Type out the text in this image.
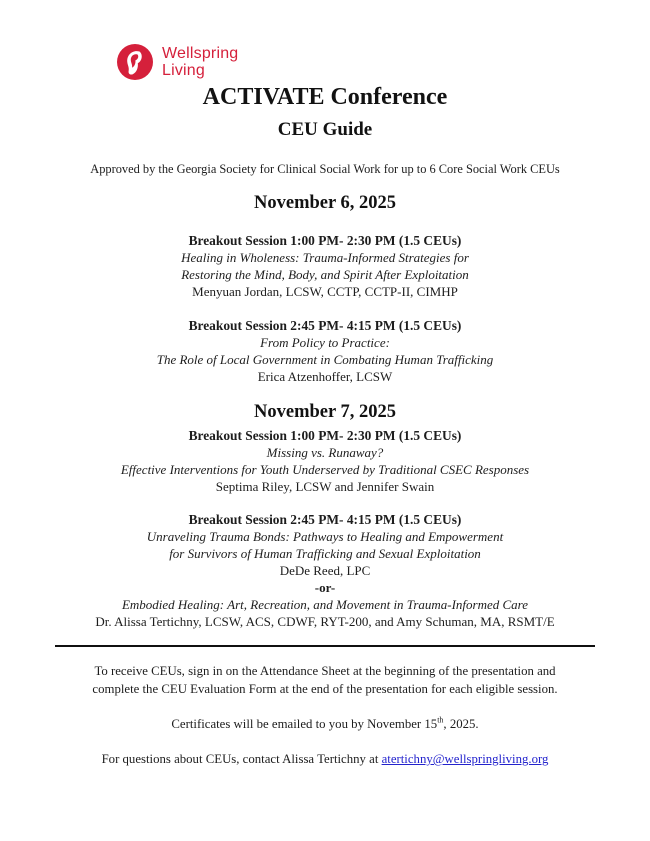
Wellspring
Living
ACTIVATE Conference
CEU Guide
Approved by the Georgia Society for Clinical Social Work for up to 6 Core Social Work CEUs
November 6, 2025
Breakout Session 1:00 PM- 2:30 PM (1.5 CEUs)
Healing in Wholeness: Trauma-Informed Strategies for
Restoring the Mind, Body, and Spirit After Exploitation
Menyuan Jordan, LCSW, CCTP, CCTP-II, CIMHP
Breakout Session 2:45 PM- 4:15 PM (1.5 CEUs)
From Policy to Practice:
The Role of Local Government in Combating Human Trafficking
Erica Atzenhoffer, LCSW
November 7, 2025
Breakout Session 1:00 PM- 2:30 PM (1.5 CEUs)
Missing vs. Runaway?
Effective Interventions for Youth Underserved by Traditional CSEC Responses
Septima Riley, LCSW and Jennifer Swain
Breakout Session 2:45 PM- 4:15 PM (1.5 CEUs)
Unraveling Trauma Bonds: Pathways to Healing and Empowerment
for Survivors of Human Trafficking and Sexual Exploitation
DeDe Reed, LPC
-or-
Embodied Healing: Art, Recreation, and Movement in Trauma-Informed Care
Dr. Alissa Tertichny, LCSW, ACS, CDWF, RYT-200, and Amy Schuman, MA, RSMT/E
To receive CEUs, sign in on the Attendance Sheet at the beginning of the presentation and
complete the CEU Evaluation Form at the end of the presentation for each eligible session.
Certificates will be emailed to you by November 15th, 2025.
For questions about CEUs, contact Alissa Tertichny at atertichny@wellspringliving.org
